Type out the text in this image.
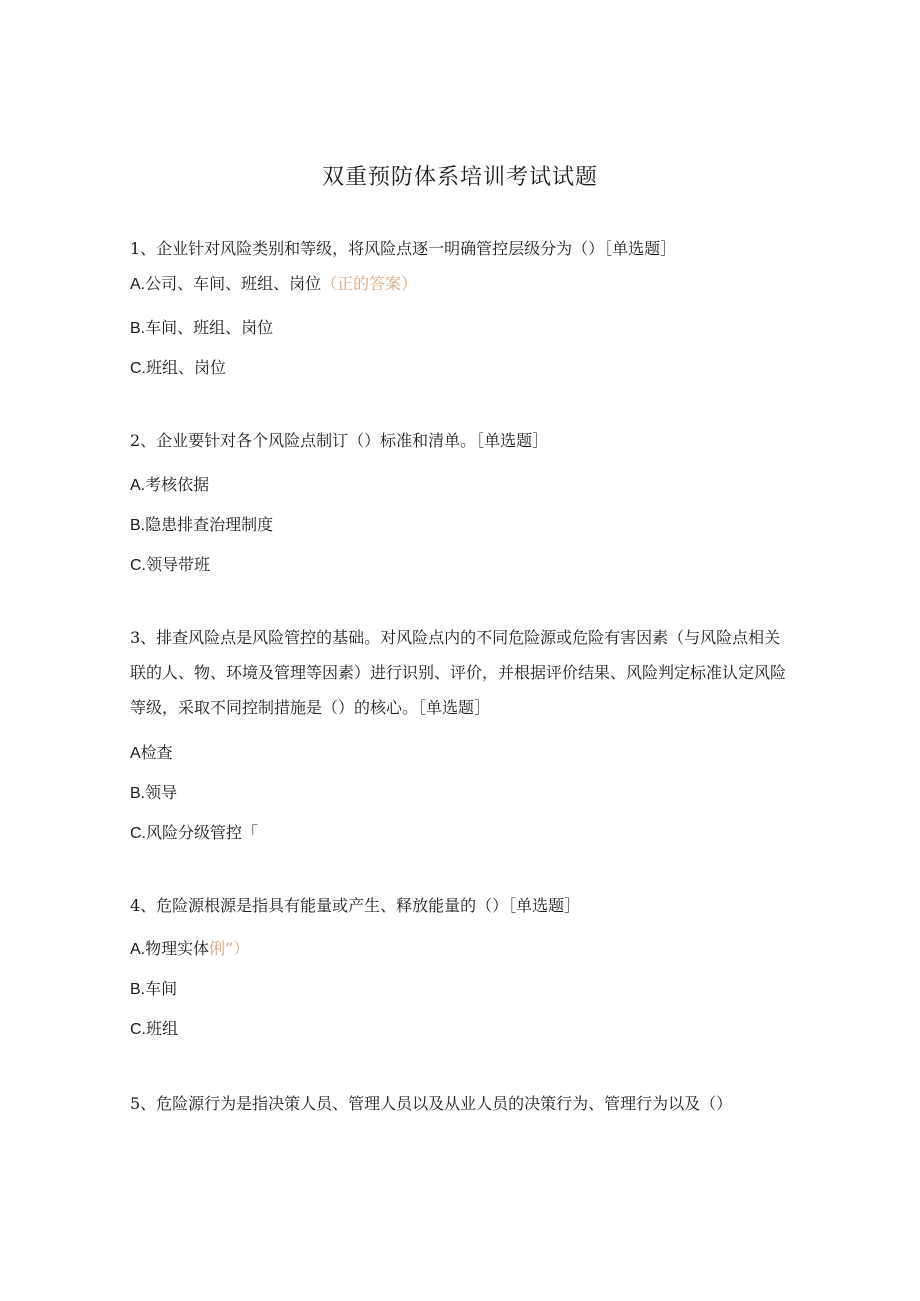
双重预防体系培训考试试题

1、企业针对风险类别和等级，将风险点逐一明确管控层级分为（）［单选题］

A.公司、车间、班组、岗位（正的答案）
B.车间、班组、岗位
C.班组、岗位

2、企业要针对各个风险点制订（）标准和清单。［单选题］

A.考核依据
B.隐患排查治理制度
C.领导带班

3、排查风险点是风险管控的基础。对风险点内的不同危险源或危险有害因素（与风险点相关联的人、物、环境及管理等因素）进行识别、评价，并根据评价结果、风险判定标准认定风险等级，采取不同控制措施是（）的核心。［单选题］

A检查
B.领导
C.风险分级管控「

4、危险源根源是指具有能量或产生、释放能量的（）［单选题］

A.物理实体俐”）
B.车间
C.班组

5、危险源行为是指决策人员、管理人员以及从业人员的决策行为、管理行为以及（）
